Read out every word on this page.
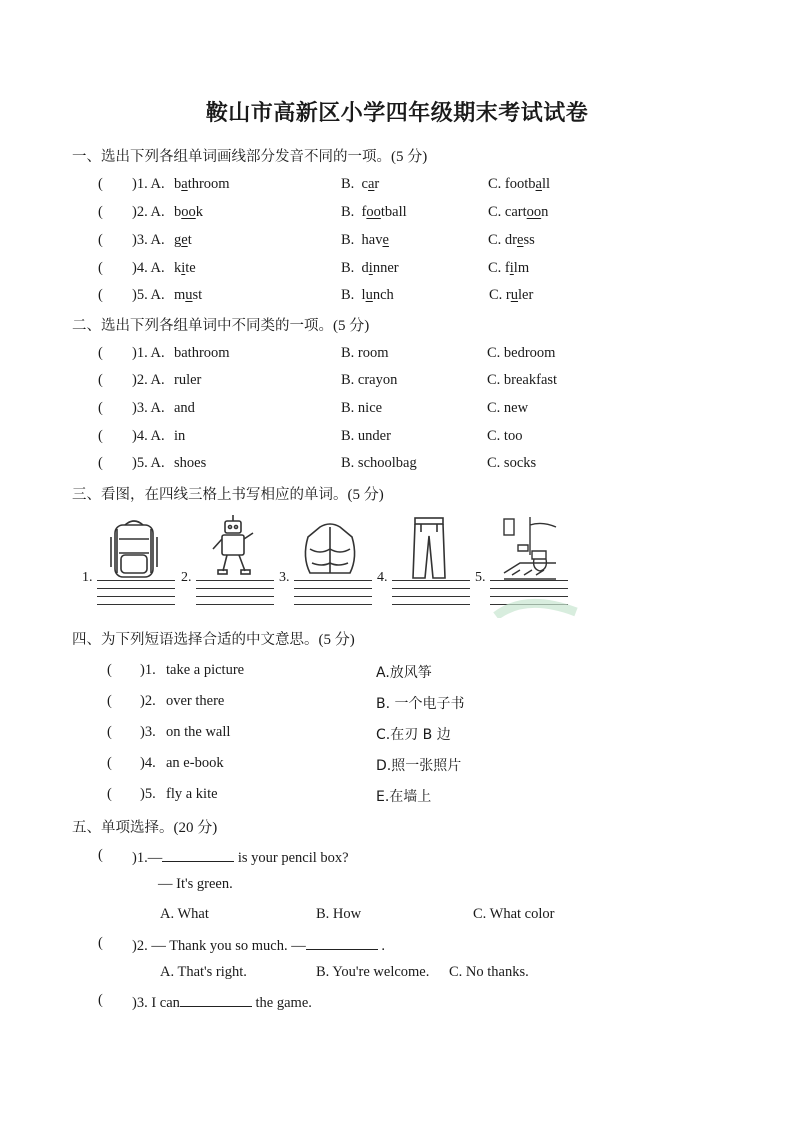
鞍山市高新区小学四年级期末考试试卷
一、选出下列各组单词画线部分发音不同的一项。(5 分)
( )1. A. bathroom	B. car	C. football
( )2. A. book	B. football	C. cartoon
( )3. A. get	B. have	C. dress
( )4. A. kite	B. dinner	C. film
( )5. A. must	B. lunch	C. ruler
二、选出下列各组单词中不同类的一项。(5 分)
( )1. A. bathroom	B. room	C. bedroom
( )2. A. ruler	B. crayon	C. breakfast
( )3. A. and	B. nice	C. new
( )4. A. in	B. under	C. too
( )5. A. shoes	B. schoolbag	C. socks
三、看图，在四线三格上书写相应的单词。(5 分)
1.	2.	3.	4.	5.
四、为下列短语选择合适的中文意思。(5 分)
( )1. take a picture	A.放风筝
( )2. over there	B. 一个电子书
( )3. on the wall	C.在刃 B 边
( )4. an e-book	D.照一张照片
( )5. fly a kite	E.在墙上
五、单项选择。(20 分)
( )1.—	is your pencil box?
— It's green.
A. What	B. How	C. What color
( )2. — Thank you so much. —	.
A. That's right.	B. You're welcome. C. No thanks.
( )3. I can	the game.
